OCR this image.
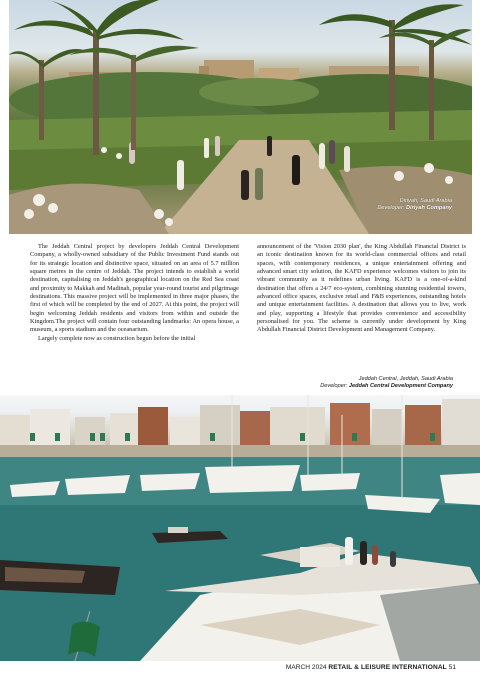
Diriyah, Saudi Arabia
Developer: Diriyah Company

The Jeddah Central project by developers Jeddah Central Development Company, a wholly-owned subsidiary of the Public Investment Fund stands out for its strategic location and distinctive space, situated on an area of 5.7 million square metres in the centre of Jeddah. The project intends to establish a world destination, capitalising on Jeddah's geographical location on the Red Sea coast and proximity to Makkah and Madinah, popular year-round tourist and pilgrimage destinations. This massive project will be implemented in three major phases, the first of which will be completed by the end of 2027. At this point, the project will begin welcoming Jeddah residents and visitors from within and outside the Kingdom.The project will contain four outstanding landmarks: An opera house, a museum, a sports stadium and the oceanarium.

Largely complete now as construction begun before the initial

announcement of the 'Vision 2030 plan', the King Abdullah Financial District is an iconic destination known for its world-class commercial offices and retail spaces, with contemporary residences, a unique entertainment offering and advanced smart city solution, the KAFD experience welcomes visitors to join its vibrant community as it redefines urban living. KAFD is a one-of-a-kind destination that offers a 24/7 eco-system, combining stunning residential towers, advanced office spaces, exclusive retail and F&B experiences, outstanding hotels and unique entertainment facilities. A destination that allows you to live, work and play, supporting a lifestyle that provides convenience and accessibility personalised for you. The scheme is currently under development by King Abdullah Financial District Development and Management Company.

Jeddah Central, Jeddah, Saudi Arabia
Developer: Jeddah Central Development Company
MARCH 2024 RETAIL & LEISURE INTERNATIONAL 51
